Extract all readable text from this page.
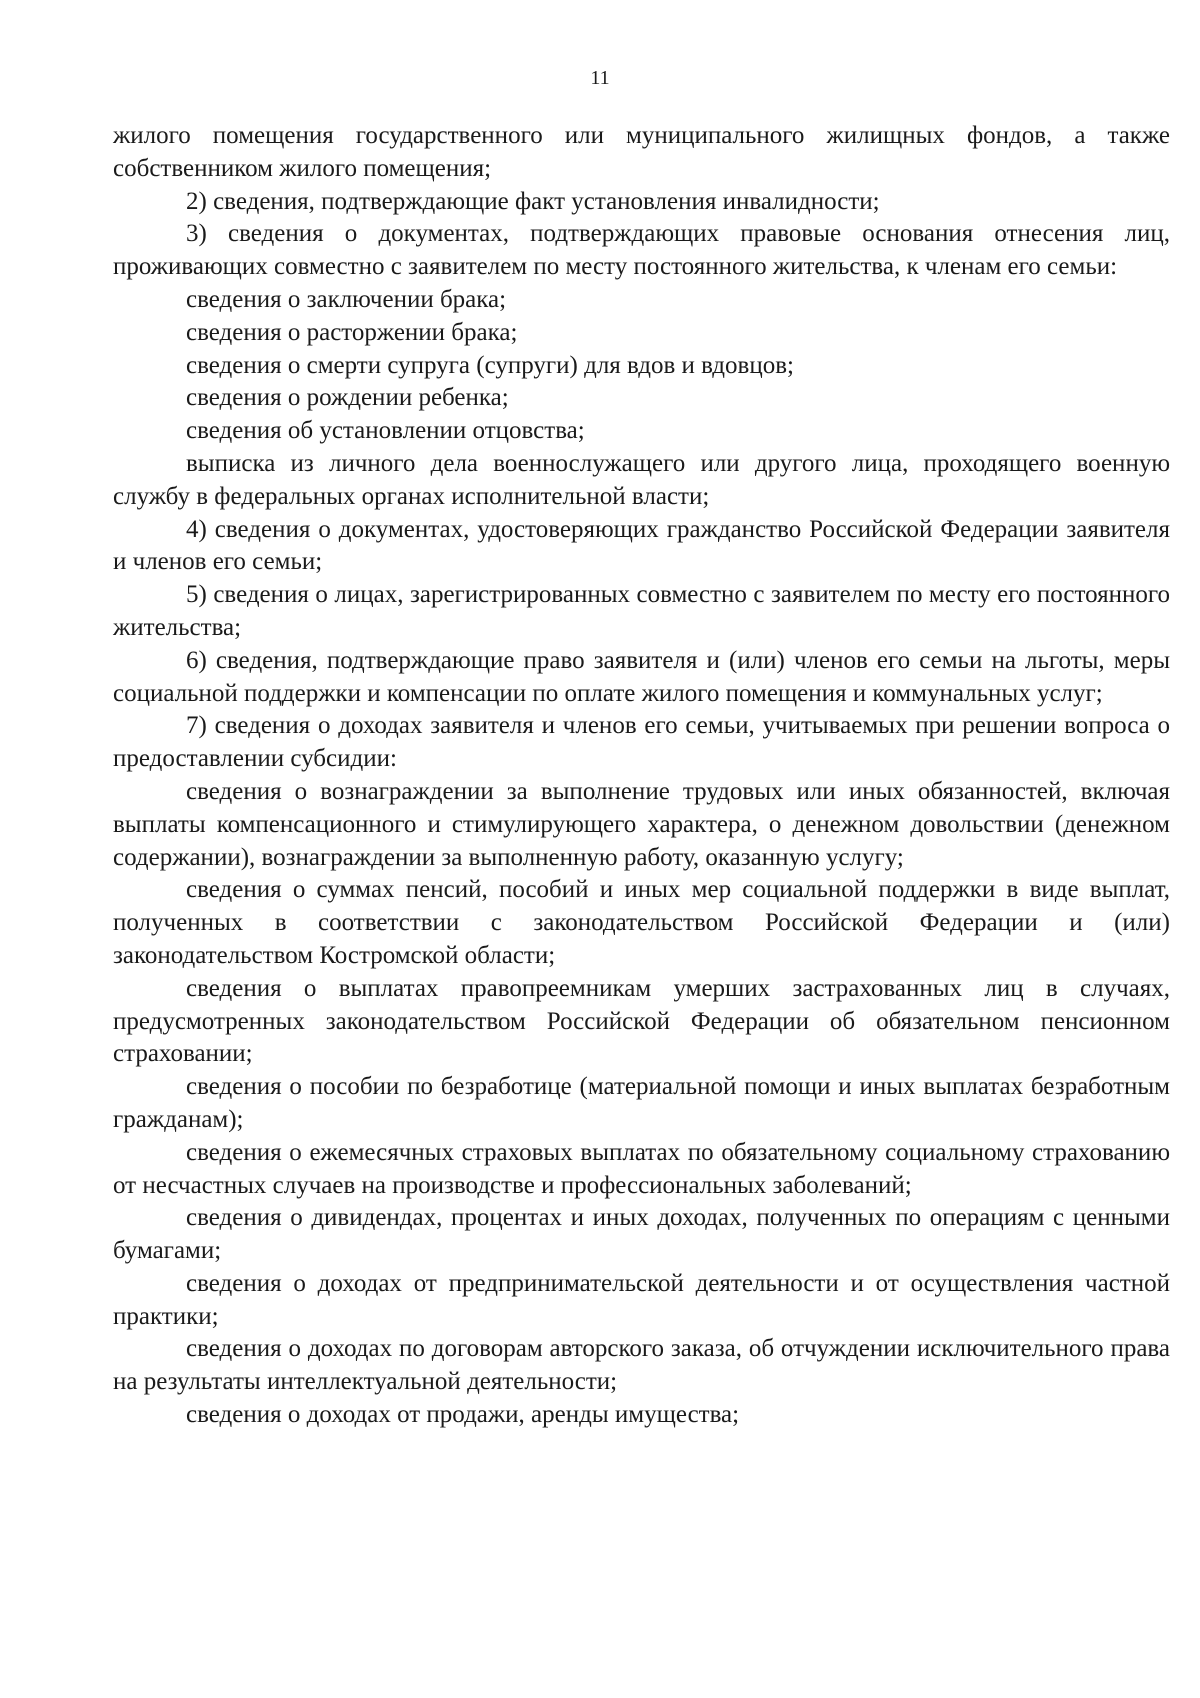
11

жилого помещения государственного или муниципального жилищных фондов, а также собственником жилого помещения;

2) сведения, подтверждающие факт установления инвалидности;

3) сведения о документах, подтверждающих правовые основания отнесения лиц, проживающих совместно с заявителем по месту постоянного жительства, к членам его семьи:

сведения о заключении брака;

сведения о расторжении брака;

сведения о смерти супруга (супруги) для вдов и вдовцов;

сведения о рождении ребенка;

сведения об установлении отцовства;

выписка из личного дела военнослужащего или другого лица, проходящего военную службу в федеральных органах исполнительной власти;

4) сведения о документах, удостоверяющих гражданство Российской Федерации заявителя и членов его семьи;

5) сведения о лицах, зарегистрированных совместно с заявителем по месту его постоянного жительства;

6) сведения, подтверждающие право заявителя и (или) членов его семьи на льготы, меры социальной поддержки и компенсации по оплате жилого помещения и коммунальных услуг;

7) сведения о доходах заявителя и членов его семьи, учитываемых при решении вопроса о предоставлении субсидии:

сведения о вознаграждении за выполнение трудовых или иных обязанностей, включая выплаты компенсационного и стимулирующего характера, о денежном довольствии (денежном содержании), вознаграждении за выполненную работу, оказанную услугу;

сведения о суммах пенсий, пособий и иных мер социальной поддержки в виде выплат, полученных в соответствии с законодательством Российской Федерации и (или) законодательством Костромской области;

сведения о выплатах правопреемникам умерших застрахованных лиц в случаях, предусмотренных законодательством Российской Федерации об обязательном пенсионном страховании;

сведения о пособии по безработице (материальной помощи и иных выплатах безработным гражданам);

сведения о ежемесячных страховых выплатах по обязательному социальному страхованию от несчастных случаев на производстве и профессиональных заболеваний;

сведения о дивидендах, процентах и иных доходах, полученных по операциям с ценными бумагами;

сведения о доходах от предпринимательской деятельности и от осуществления частной практики;

сведения о доходах по договорам авторского заказа, об отчуждении исключительного права на результаты интеллектуальной деятельности;

сведения о доходах от продажи, аренды имущества;
